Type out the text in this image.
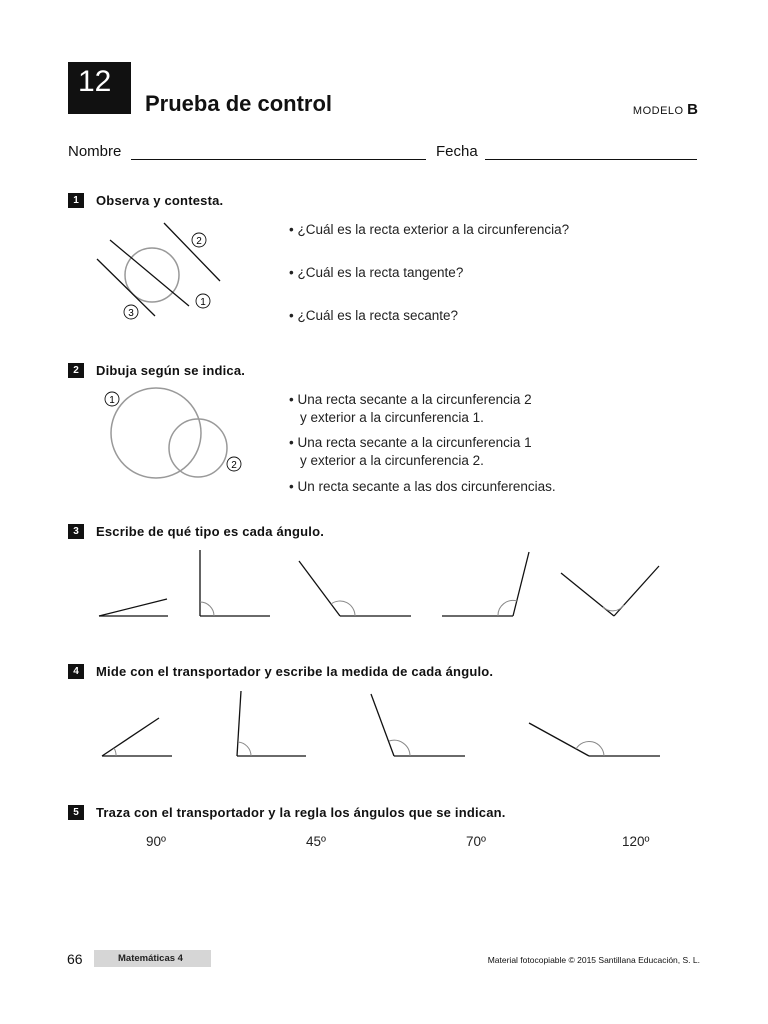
12
Prueba de control	MODELO B
Nombre	Fecha
1	Observa y contesta.
2
1
3
• ¿Cuál es la recta exterior a la circunferencia?
• ¿Cuál es la recta tangente?
• ¿Cuál es la recta secante?
2	Dibuja según se indica.
1
2
• Una recta secante a la circunferencia 2
y exterior a la circunferencia 1.
• Una recta secante a la circunferencia 1
y exterior a la circunferencia 2.
• Un recta secante a las dos circunferencias.
3	Escribe de qué tipo es cada ángulo.
4	Mide con el transportador y escribe la medida de cada ángulo.
5	Traza con el transportador y la regla los ángulos que se indican.
90º	45º	70º	120º
66	Matemáticas 4	Material fotocopiable © 2015 Santillana Educación, S. L.
